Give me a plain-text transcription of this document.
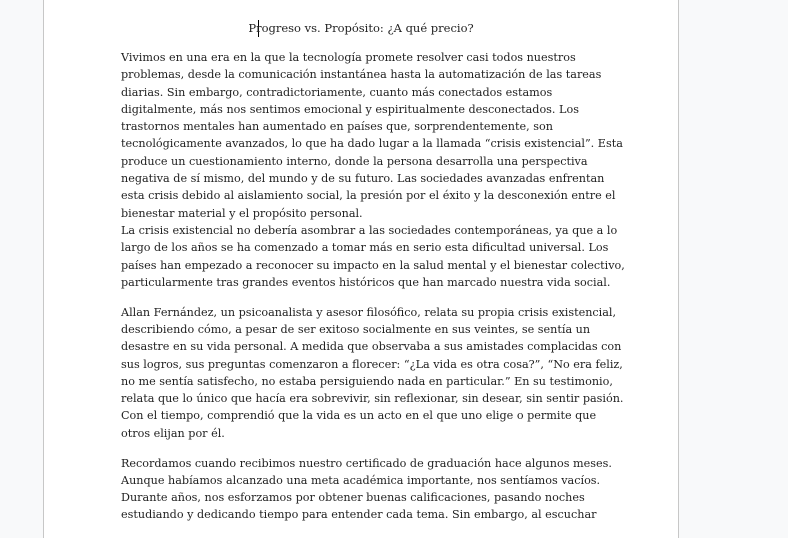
Progreso vs. Propósito: ¿A qué precio?
Vivimos en una era en la que la tecnología promete resolver casi todos nuestros
problemas, desde la comunicación instantánea hasta la automatización de las tareas
diarias. Sin embargo, contradictoriamente, cuanto más conectados estamos
digitalmente, más nos sentimos emocional y espiritualmente desconectados. Los
trastornos mentales han aumentado en países que, sorprendentemente, son
tecnológicamente avanzados, lo que ha dado lugar a la llamada “crisis existencial”. Esta
produce un cuestionamiento interno, donde la persona desarrolla una perspectiva
negativa de sí mismo, del mundo y de su futuro. Las sociedades avanzadas enfrentan
esta crisis debido al aislamiento social, la presión por el éxito y la desconexión entre el
bienestar material y el propósito personal.
La crisis existencial no debería asombrar a las sociedades contemporáneas, ya que a lo
largo de los años se ha comenzado a tomar más en serio esta dificultad universal. Los
países han empezado a reconocer su impacto en la salud mental y el bienestar colectivo,
particularmente tras grandes eventos históricos que han marcado nuestra vida social.
Allan Fernández, un psicoanalista y asesor filosófico, relata su propia crisis existencial,
describiendo cómo, a pesar de ser exitoso socialmente en sus veintes, se sentía un
desastre en su vida personal. A medida que observaba a sus amistades complacidas con
sus logros, sus preguntas comenzaron a florecer: “¿La vida es otra cosa?”, “No era feliz,
no me sentía satisfecho, no estaba persiguiendo nada en particular.” En su testimonio,
relata que lo único que hacía era sobrevivir, sin reflexionar, sin desear, sin sentir pasión.
Con el tiempo, comprendió que la vida es un acto en el que uno elige o permite que
otros elijan por él.
Recordamos cuando recibimos nuestro certificado de graduación hace algunos meses.
Aunque habíamos alcanzado una meta académica importante, nos sentíamos vacíos.
Durante años, nos esforzamos por obtener buenas calificaciones, pasando noches
estudiando y dedicando tiempo para entender cada tema. Sin embargo, al escuchar
